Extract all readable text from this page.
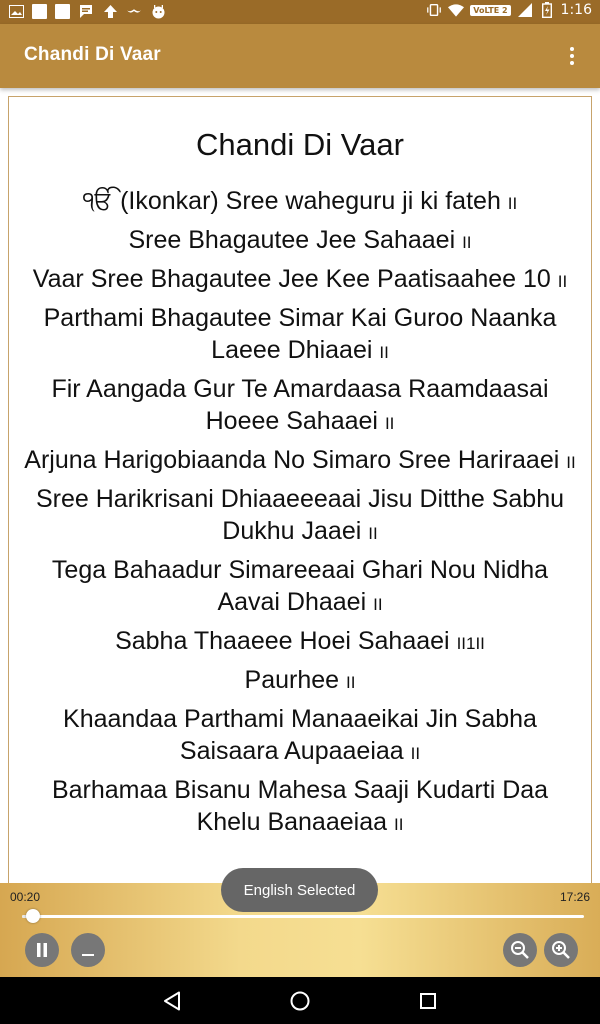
VoLTE 2	1:16
Chandi Di Vaar
Chandi Di Vaar
ੴ (Ikonkar) Sree waheguru ji ki fateh II
Sree Bhagautee Jee Sahaaei II
Vaar Sree Bhagautee Jee Kee Paatisaahee 10 II
Parthami Bhagautee Simar Kai Guroo Naanka Laeee Dhiaaei II
Fir Aangada Gur Te Amardaasa Raamdaasai Hoeee Sahaaei II
Arjuna Harigobiaanda No Simaro Sree Hariraaei II
Sree Harikrisani Dhiaaeeeaai Jisu Ditthe Sabhu Dukhu Jaaei II
Tega Bahaadur Simareeaai Ghari Nou Nidha Aavai Dhaaei II
Sabha Thaaeee Hoei Sahaaei II1II
Paurhee II
Khaandaa Parthami Manaaeikai Jin Sabha Saisaara Aupaaeiaa II
Barhamaa Bisanu Mahesa Saaji Kudarti Daa Khelu Banaaeiaa II
00:20	17:26
English Selected
